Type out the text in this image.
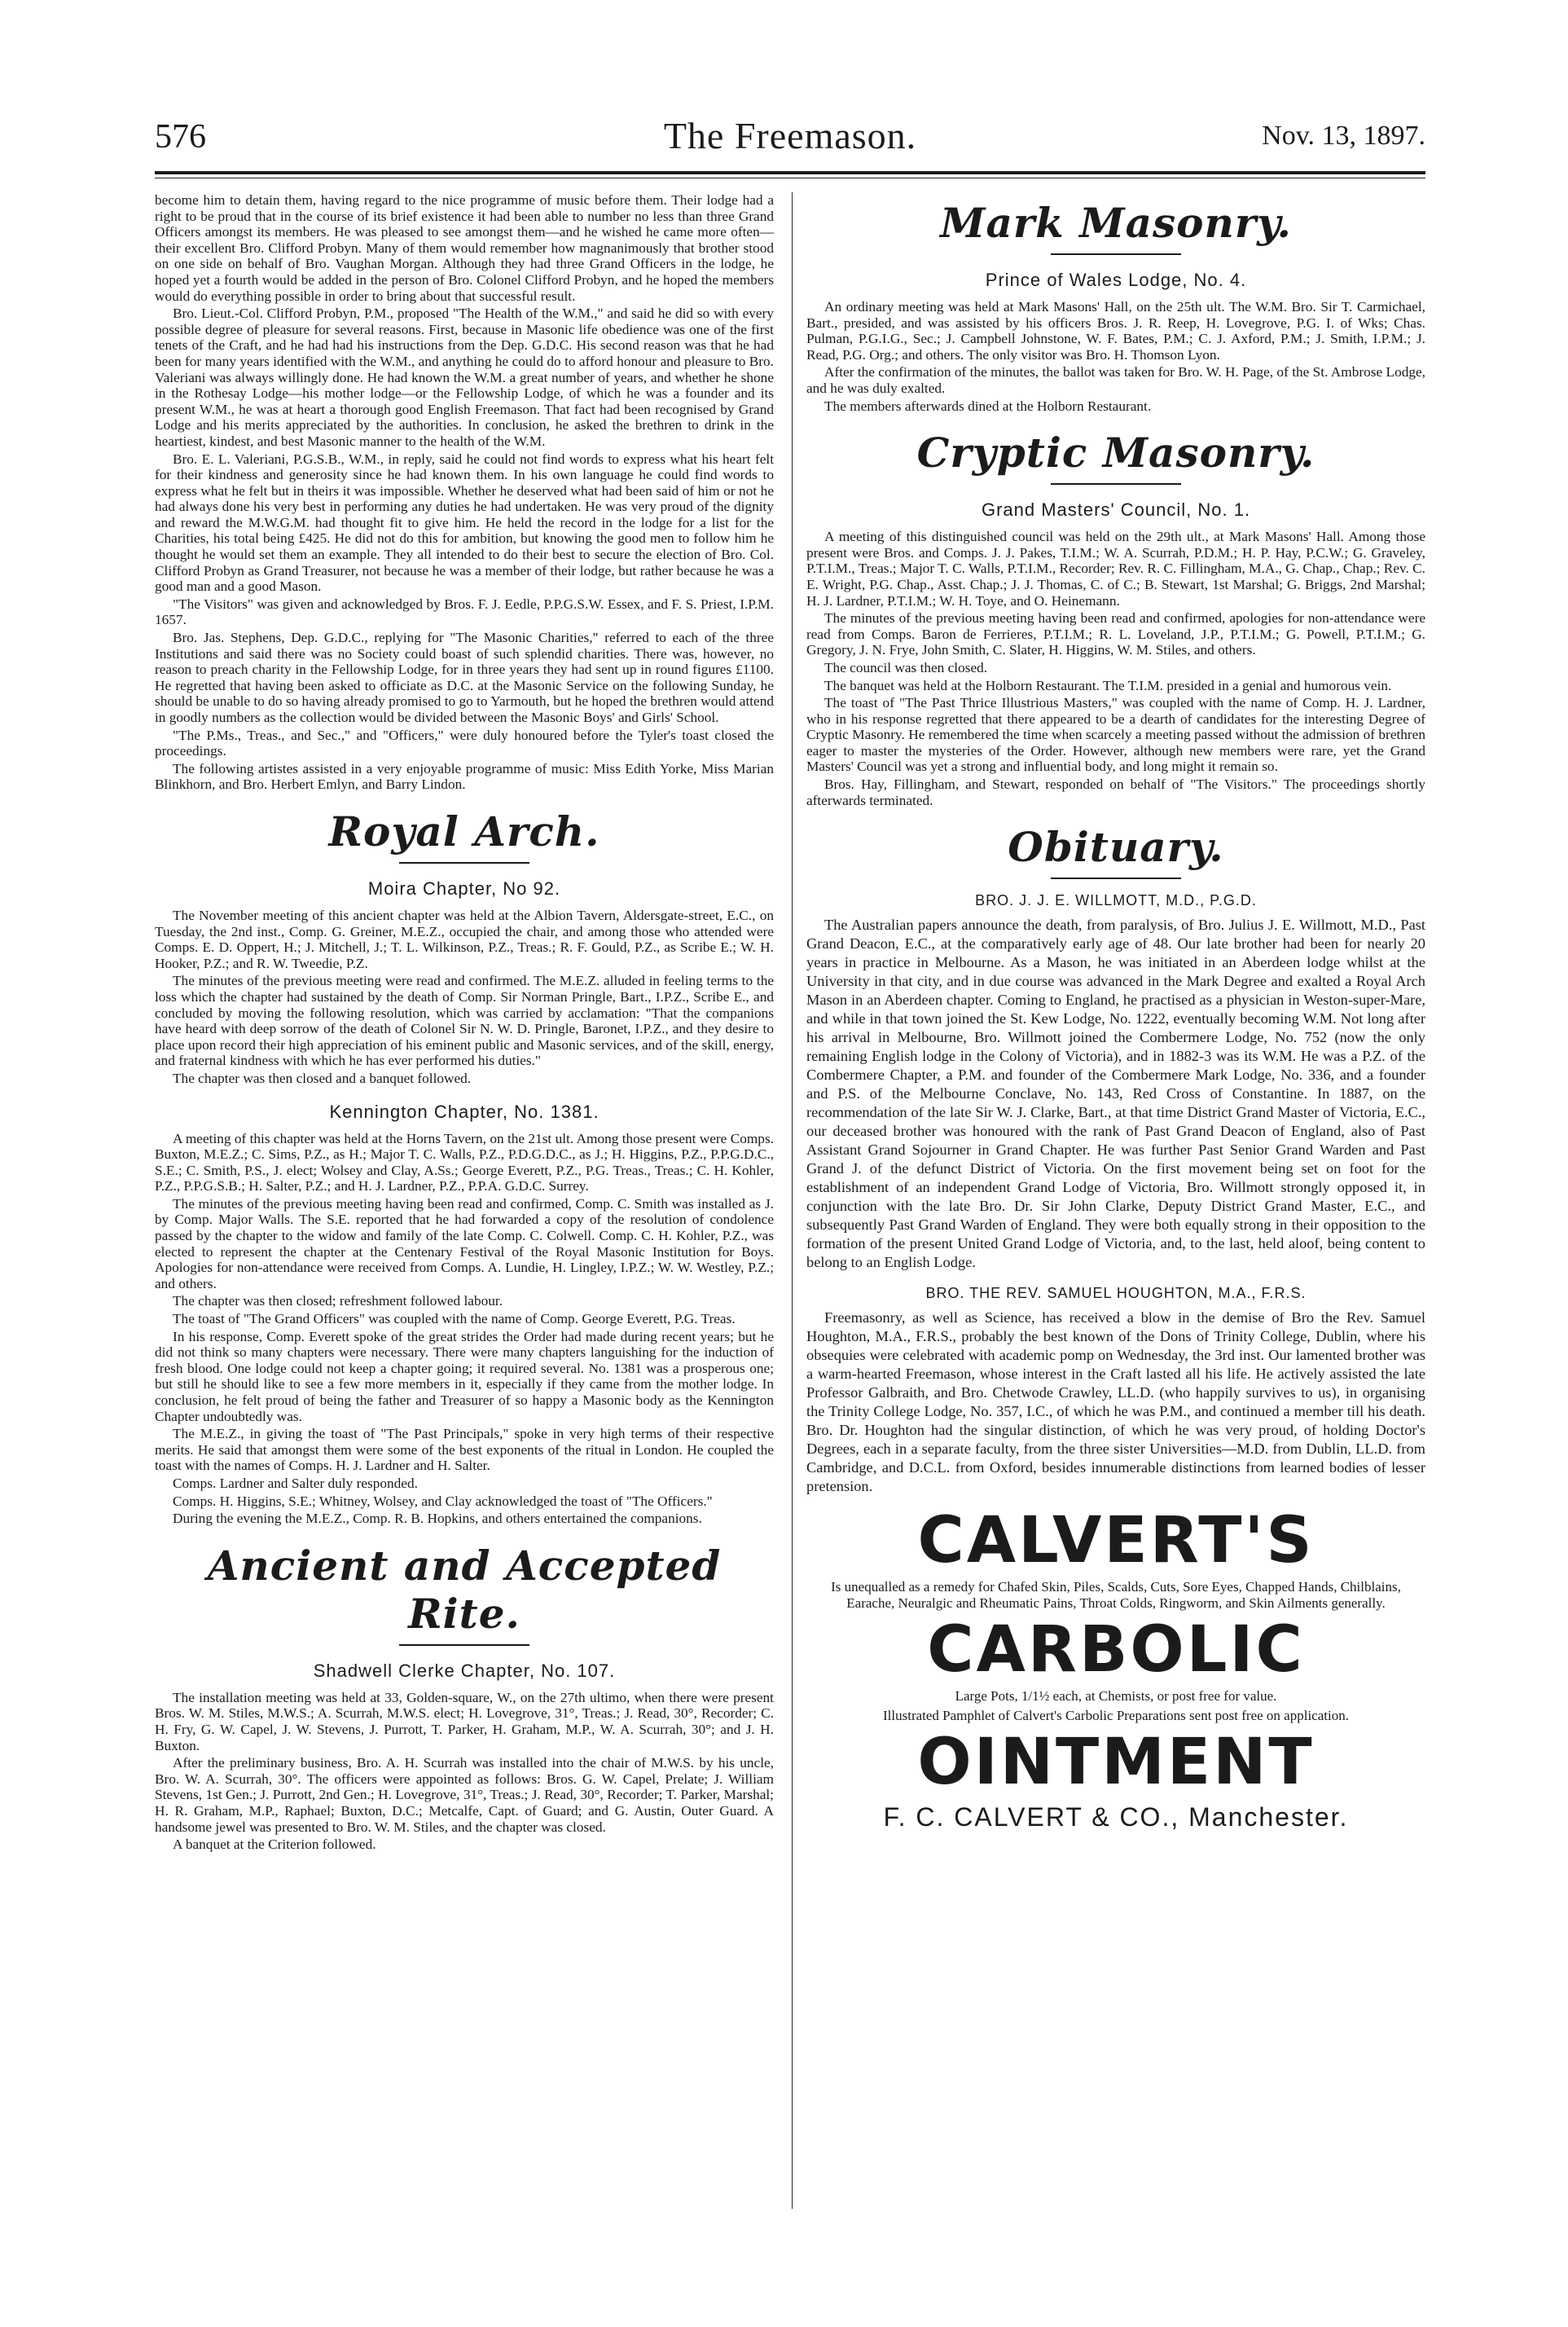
576	The Freemason.	Nov. 13, 1897.

become him to detain them, having regard to the nice programme of music before them. Their lodge had a right to be proud that in the course of its brief existence it had been able to number no less than three Grand Officers amongst its members. He was pleased to see amongst them—and he wished he came more often—their excellent Bro. Clifford Probyn. Many of them would remember how magnanimously that brother stood on one side on behalf of Bro. Vaughan Morgan. Although they had three Grand Officers in the lodge, he hoped yet a fourth would be added in the person of Bro. Colonel Clifford Probyn, and he hoped the members would do everything possible in order to bring about that successful result.

Bro. Lieut.-Col. Clifford Probyn, P.M., proposed "The Health of the W.M.," and said he did so with every possible degree of pleasure for several reasons. First, because in Masonic life obedience was one of the first tenets of the Craft, and he had had his instructions from the Dep. G.D.C. His second reason was that he had been for many years identified with the W.M., and anything he could do to afford honour and pleasure to Bro. Valeriani was always willingly done. He had known the W.M. a great number of years, and whether he shone in the Rothesay Lodge—his mother lodge—or the Fellowship Lodge, of which he was a founder and its present W.M., he was at heart a thorough good English Freemason. That fact had been recognised by Grand Lodge and his merits appreciated by the authorities. In conclusion, he asked the brethren to drink in the heartiest, kindest, and best Masonic manner to the health of the W.M.

Bro. E. L. Valeriani, P.G.S.B., W.M., in reply, said he could not find words to express what his heart felt for their kindness and generosity since he had known them. In his own language he could find words to express what he felt but in theirs it was impossible. Whether he deserved what had been said of him or not he had always done his very best in performing any duties he had undertaken. He was very proud of the dignity and reward the M.W.G.M. had thought fit to give him. He held the record in the lodge for a list for the Charities, his total being £425. He did not do this for ambition, but knowing the good men to follow him he thought he would set them an example. They all intended to do their best to secure the election of Bro. Col. Clifford Probyn as Grand Treasurer, not because he was a member of their lodge, but rather because he was a good man and a good Mason.

"The Visitors" was given and acknowledged by Bros. F. J. Eedle, P.P.G.S.W. Essex, and F. S. Priest, I.P.M. 1657.

Bro. Jas. Stephens, Dep. G.D.C., replying for "The Masonic Charities," referred to each of the three Institutions and said there was no Society could boast of such splendid charities. There was, however, no reason to preach charity in the Fellowship Lodge, for in three years they had sent up in round figures £1100. He regretted that having been asked to officiate as D.C. at the Masonic Service on the following Sunday, he should be unable to do so having already promised to go to Yarmouth, but he hoped the brethren would attend in goodly numbers as the collection would be divided between the Masonic Boys' and Girls' School.

"The P.Ms., Treas., and Sec.," and "Officers," were duly honoured before the Tyler's toast closed the proceedings.

The following artistes assisted in a very enjoyable programme of music: Miss Edith Yorke, Miss Marian Blinkhorn, and Bro. Herbert Emlyn, and Barry Lindon.

Royal Arch.
Moira Chapter, No 92.

The November meeting of this ancient chapter was held at the Albion Tavern, Aldersgate-street, E.C., on Tuesday, the 2nd inst., Comp. G. Greiner, M.E.Z., occupied the chair, and among those who attended were Comps. E. D. Oppert, H.; J. Mitchell, J.; T. L. Wilkinson, P.Z., Treas.; R. F. Gould, P.Z., as Scribe E.; W. H. Hooker, P.Z.; and R. W. Tweedie, P.Z.

The minutes of the previous meeting were read and confirmed. The M.E.Z. alluded in feeling terms to the loss which the chapter had sustained by the death of Comp. Sir Norman Pringle, Bart., I.P.Z., Scribe E., and concluded by moving the following resolution, which was carried by acclamation: "That the companions have heard with deep sorrow of the death of Colonel Sir N. W. D. Pringle, Baronet, I.P.Z., and they desire to place upon record their high appreciation of his eminent public and Masonic services, and of the skill, energy, and fraternal kindness with which he has ever performed his duties."

The chapter was then closed and a banquet followed.

Kennington Chapter, No. 1381.

A meeting of this chapter was held at the Horns Tavern, on the 21st ult. Among those present were Comps. Buxton, M.E.Z.; C. Sims, P.Z., as H.; Major T. C. Walls, P.Z., P.D.G.D.C., as J.; H. Higgins, P.Z., P.P.G.D.C., S.E.; C. Smith, P.S., J. elect; Wolsey and Clay, A.Ss.; George Everett, P.Z., P.G. Treas., Treas.; C. H. Kohler, P.Z., P.P.G.S.B.; H. Salter, P.Z.; and H. J. Lardner, P.Z., P.P.A. G.D.C. Surrey.

The minutes of the previous meeting having been read and confirmed, Comp. C. Smith was installed as J. by Comp. Major Walls. The S.E. reported that he had forwarded a copy of the resolution of condolence passed by the chapter to the widow and family of the late Comp. C. Colwell. Comp. C. H. Kohler, P.Z., was elected to represent the chapter at the Centenary Festival of the Royal Masonic Institution for Boys. Apologies for non-attendance were received from Comps. A. Lundie, H. Lingley, I.P.Z.; W. W. Westley, P.Z.; and others.

The chapter was then closed; refreshment followed labour.

The toast of "The Grand Officers" was coupled with the name of Comp. George Everett, P.G. Treas.

In his response, Comp. Everett spoke of the great strides the Order had made during recent years; but he did not think so many chapters were necessary. There were many chapters languishing for the induction of fresh blood. One lodge could not keep a chapter going; it required several. No. 1381 was a prosperous one; but still he should like to see a few more members in it, especially if they came from the mother lodge. In conclusion, he felt proud of being the father and Treasurer of so happy a Masonic body as the Kennington Chapter undoubtedly was.

The M.E.Z., in giving the toast of "The Past Principals," spoke in very high terms of their respective merits. He said that amongst them were some of the best exponents of the ritual in London. He coupled the toast with the names of Comps. H. J. Lardner and H. Salter.

Comps. Lardner and Salter duly responded.

Comps. H. Higgins, S.E.; Whitney, Wolsey, and Clay acknowledged the toast of "The Officers."

During the evening the M.E.Z., Comp. R. B. Hopkins, and others entertained the companions.

Ancient and Accepted Rite.
Shadwell Clerke Chapter, No. 107.

The installation meeting was held at 33, Golden-square, W., on the 27th ultimo, when there were present Bros. W. M. Stiles, M.W.S.; A. Scurrah, M.W.S. elect; H. Lovegrove, 31°, Treas.; J. Read, 30°, Recorder; C. H. Fry, G. W. Capel, J. W. Stevens, J. Purrott, T. Parker, H. Graham, M.P., W. A. Scurrah, 30°; and J. H. Buxton.

After the preliminary business, Bro. A. H. Scurrah was installed into the chair of M.W.S. by his uncle, Bro. W. A. Scurrah, 30°. The officers were appointed as follows: Bros. G. W. Capel, Prelate; J. William Stevens, 1st Gen.; J. Purrott, 2nd Gen.; H. Lovegrove, 31°, Treas.; J. Read, 30°, Recorder; T. Parker, Marshal; H. R. Graham, M.P., Raphael; Buxton, D.C.; Metcalfe, Capt. of Guard; and G. Austin, Outer Guard. A handsome jewel was presented to Bro. W. M. Stiles, and the chapter was closed.

A banquet at the Criterion followed.

Mark Masonry.
Prince of Wales Lodge, No. 4.

An ordinary meeting was held at Mark Masons' Hall, on the 25th ult. The W.M. Bro. Sir T. Carmichael, Bart., presided, and was assisted by his officers Bros. J. R. Reep, H. Lovegrove, P.G. I. of Wks; Chas. Pulman, P.G.I.G., Sec.; J. Campbell Johnstone, W. F. Bates, P.M.; C. J. Axford, P.M.; J. Smith, I.P.M.; J. Read, P.G. Org.; and others. The only visitor was Bro. H. Thomson Lyon.

After the confirmation of the minutes, the ballot was taken for Bro. W. H. Page, of the St. Ambrose Lodge, and he was duly exalted.

The members afterwards dined at the Holborn Restaurant.

Cryptic Masonry.
Grand Masters' Council, No. 1.

A meeting of this distinguished council was held on the 29th ult., at Mark Masons' Hall. Among those present were Bros. and Comps. J. J. Pakes, T.I.M.; W. A. Scurrah, P.D.M.; H. P. Hay, P.C.W.; G. Graveley, P.T.I.M., Treas.; Major T. C. Walls, P.T.I.M., Recorder; Rev. R. C. Fillingham, M.A., G. Chap., Chap.; Rev. C. E. Wright, P.G. Chap., Asst. Chap.; J. J. Thomas, C. of C.; B. Stewart, 1st Marshal; G. Briggs, 2nd Marshal; H. J. Lardner, P.T.I.M.; W. H. Toye, and O. Heinemann.

The minutes of the previous meeting having been read and confirmed, apologies for non-attendance were read from Comps. Baron de Ferrieres, P.T.I.M.; R. L. Loveland, J.P., P.T.I.M.; G. Powell, P.T.I.M.; G. Gregory, J. N. Frye, John Smith, C. Slater, H. Higgins, W. M. Stiles, and others.

The council was then closed.

The banquet was held at the Holborn Restaurant. The T.I.M. presided in a genial and humorous vein.

The toast of "The Past Thrice Illustrious Masters," was coupled with the name of Comp. H. J. Lardner, who in his response regretted that there appeared to be a dearth of candidates for the interesting Degree of Cryptic Masonry. He remembered the time when scarcely a meeting passed without the admission of brethren eager to master the mysteries of the Order. However, although new members were rare, yet the Grand Masters' Council was yet a strong and influential body, and long might it remain so.

Bros. Hay, Fillingham, and Stewart, responded on behalf of "The Visitors." The proceedings shortly afterwards terminated.

Obituary.
BRO. J. J. E. WILLMOTT, M.D., P.G.D.

The Australian papers announce the death, from paralysis, of Bro. Julius J. E. Willmott, M.D., Past Grand Deacon, E.C., at the comparatively early age of 48. Our late brother had been for nearly 20 years in practice in Melbourne. As a Mason, he was initiated in an Aberdeen lodge whilst at the University in that city, and in due course was advanced in the Mark Degree and exalted a Royal Arch Mason in an Aberdeen chapter. Coming to England, he practised as a physician in Weston-super-Mare, and while in that town joined the St. Kew Lodge, No. 1222, eventually becoming W.M. Not long after his arrival in Melbourne, Bro. Willmott joined the Combermere Lodge, No. 752 (now the only remaining English lodge in the Colony of Victoria), and in 1882-3 was its W.M. He was a P.Z. of the Combermere Chapter, a P.M. and founder of the Combermere Mark Lodge, No. 336, and a founder and P.S. of the Melbourne Conclave, No. 143, Red Cross of Constantine. In 1887, on the recommendation of the late Sir W. J. Clarke, Bart., at that time District Grand Master of Victoria, E.C., our deceased brother was honoured with the rank of Past Grand Deacon of England, also of Past Assistant Grand Sojourner in Grand Chapter. He was further Past Senior Grand Warden and Past Grand J. of the defunct District of Victoria. On the first movement being set on foot for the establishment of an independent Grand Lodge of Victoria, Bro. Willmott strongly opposed it, in conjunction with the late Bro. Dr. Sir John Clarke, Deputy District Grand Master, E.C., and subsequently Past Grand Warden of England. They were both equally strong in their opposition to the formation of the present United Grand Lodge of Victoria, and, to the last, held aloof, being content to belong to an English Lodge.

BRO. THE REV. SAMUEL HOUGHTON, M.A., F.R.S.

Freemasonry, as well as Science, has received a blow in the demise of Bro the Rev. Samuel Houghton, M.A., F.R.S., probably the best known of the Dons of Trinity College, Dublin, where his obsequies were celebrated with academic pomp on Wednesday, the 3rd inst. Our lamented brother was a warm-hearted Freemason, whose interest in the Craft lasted all his life. He actively assisted the late Professor Galbraith, and Bro. Chetwode Crawley, LL.D. (who happily survives to us), in organising the Trinity College Lodge, No. 357, I.C., of which he was P.M., and continued a member till his death. Bro. Dr. Houghton had the singular distinction, of which he was very proud, of holding Doctor's Degrees, each in a separate faculty, from the three sister Universities—M.D. from Dublin, LL.D. from Cambridge, and D.C.L. from Oxford, besides innumerable distinctions from learned bodies of lesser pretension.

CALVERT'S
Is unequalled as a remedy for Chafed Skin, Piles, Scalds, Cuts, Sore Eyes, Chapped Hands, Chilblains, Earache, Neuralgic and Rheumatic Pains, Throat Colds, Ringworm, and Skin Ailments generally.
CARBOLIC
Large Pots, 1/1½ each, at Chemists, or post free for value.
Illustrated Pamphlet of Calvert's Carbolic Preparations sent post free on application.
OINTMENT
F. C. CALVERT & CO., Manchester.
